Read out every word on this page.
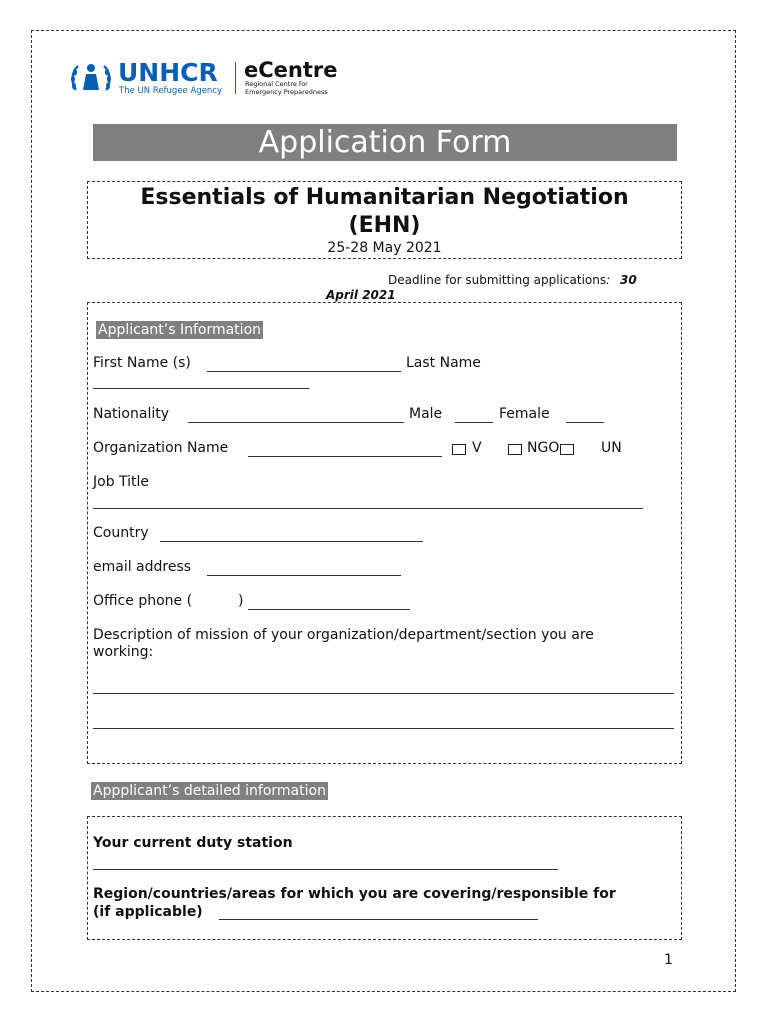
UNHCR
The UN Refugee Agency
eCentre
Regional Centre for
Emergency Preparedness
Application Form
Essentials of Humanitarian Negotiation
(EHN)
25-28 May 2021
Deadline for submitting applications: 30
April 2021
Applicant’s Information
First Name (s)	Last Name
Nationality	Male	Female
Organization Name	V	NGO	UN
Job Title
Country
email address
Office phone (	)
Description of mission of your organization/department/section you are
working:
Appplicant’s detailed information
Your current duty station
Region/countries/areas for which you are covering/responsible for
(if applicable)
1
